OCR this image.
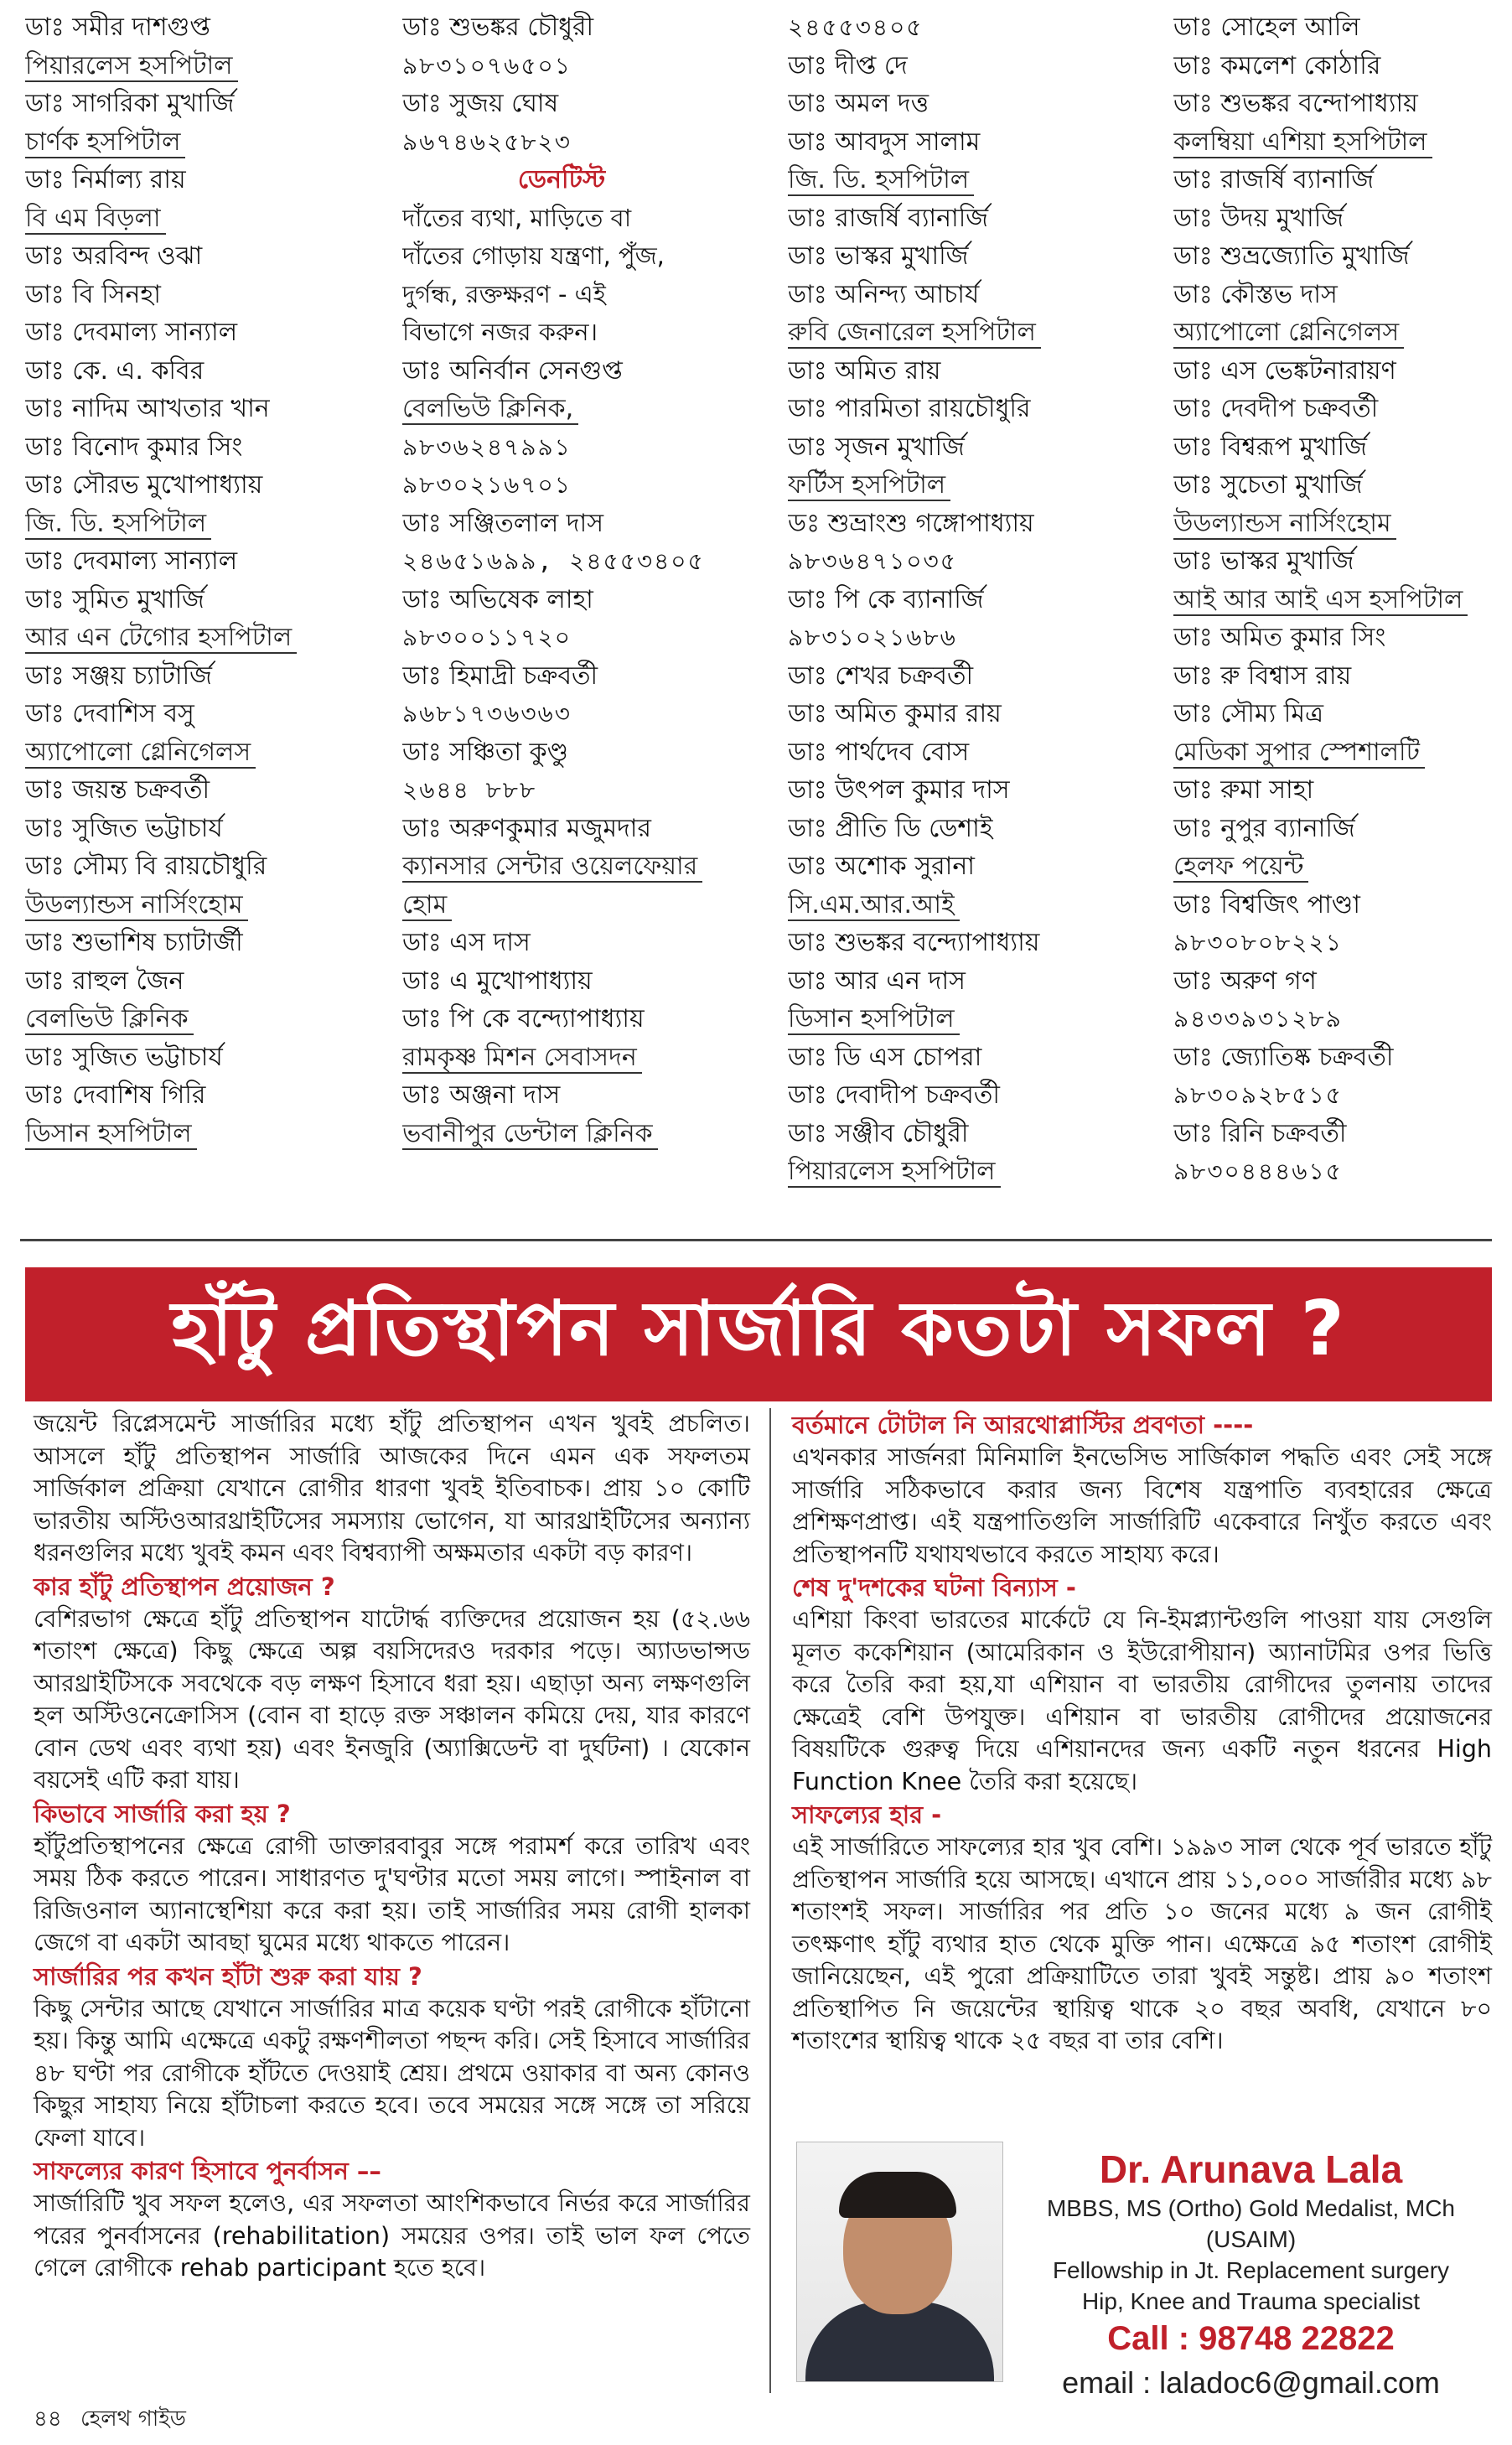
ডাঃ সমীর দাশগুপ্ত
পিয়ারলেস হসপিটাল
ডাঃ সাগরিকা মুখার্জি
চার্ণক হসপিটাল
ডাঃ নির্মাল্য রায়
বি এম বিড়লা
ডাঃ অরবিন্দ ওঝা
ডাঃ বি সিনহা
ডাঃ দেবমাল্য সান্যাল
ডাঃ কে. এ. কবির
ডাঃ নাদিম আখতার খান
ডাঃ বিনোদ কুমার সিং
ডাঃ সৌরভ মুখোপাধ্যায়
জি. ডি. হসপিটাল
ডাঃ দেবমাল্য সান্যাল
ডাঃ সুমিত মুখার্জি
আর এন টেগোর হসপিটাল
ডাঃ সঞ্জয় চ্যাটার্জি
ডাঃ দেবাশিস বসু
অ্যাপোলো গ্লেনিগেলস
ডাঃ জয়ন্ত চক্রবর্তী
ডাঃ সুজিত ভট্টাচার্য
ডাঃ সৌম্য বি রায়চৌধুরি
উডল্যান্ডস নার্সিংহোম
ডাঃ শুভাশিষ চ্যাটার্জী
ডাঃ রাহুল জৈন
বেলভিউ ক্লিনিক
ডাঃ সুজিত ভট্টাচার্য
ডাঃ দেবাশিষ গিরি
ডিসান হসপিটাল
ডাঃ শুভঙ্কর চৌধুরী
৯৮৩১০৭৬৫০১
ডাঃ সুজয় ঘোষ
৯৬৭৪৬২৫৮২৩
ডেনটিস্ট
দাঁতের ব্যথা, মাড়িতে বা
দাঁতের গোড়ায় যন্ত্রণা, পুঁজ,
দুর্গন্ধ, রক্তক্ষরণ - এই
বিভাগে নজর করুন।
ডাঃ অনির্বান সেনগুপ্ত
বেলভিউ ক্লিনিক,
৯৮৩৬২৪৭৯৯১
৯৮৩০২১৬৭০১
ডাঃ সঞ্জিতলাল দাস
২৪৬৫১৬৯৯, ২৪৫৫৩৪০৫
ডাঃ অভিষেক লাহা
৯৮৩০০১১৭২০
ডাঃ হিমাদ্রী চক্রবর্তী
৯৬৮১৭৩৬৩৬৩
ডাঃ সঞ্চিতা কুণ্ডু
২৬৪৪ ৮৮৮
ডাঃ অরুণকুমার মজুমদার
ক্যানসার সেন্টার ওয়েলফেয়ার
হোম
ডাঃ এস দাস
ডাঃ এ মুখোপাধ্যায়
ডাঃ পি কে বন্দ্যোপাধ্যায়
রামকৃষ্ণ মিশন সেবাসদন
ডাঃ অঞ্জনা দাস
ভবানীপুর ডেন্টাল ক্লিনিক
২৪৫৫৩৪০৫
ডাঃ দীপ্ত দে
ডাঃ অমল দত্ত
ডাঃ আবদুস সালাম
জি. ডি. হসপিটাল
ডাঃ রাজর্ষি ব্যানার্জি
ডাঃ ভাস্কর মুখার্জি
ডাঃ অনিন্দ্য আচার্য
রুবি জেনারেল হসপিটাল
ডাঃ অমিত রায়
ডাঃ পারমিতা রায়চৌধুরি
ডাঃ সৃজন মুখার্জি
ফর্টিস হসপিটাল
ডঃ শুভ্রাংশু গঙ্গোপাধ্যায়
৯৮৩৬৪৭১০৩৫
ডাঃ পি কে ব্যানার্জি
৯৮৩১০২১৬৮৬
ডাঃ শেখর চক্রবর্তী
ডাঃ অমিত কুমার রায়
ডাঃ পার্থদেব বোস
ডাঃ উৎপল কুমার দাস
ডাঃ প্রীতি ডি ডেশাই
ডাঃ অশোক সুরানা
সি.এম.আর.আই
ডাঃ শুভঙ্কর বন্দ্যোপাধ্যায়
ডাঃ আর এন দাস
ডিসান হসপিটাল
ডাঃ ডি এস চোপরা
ডাঃ দেবাদীপ চক্রবর্তী
ডাঃ সঞ্জীব চৌধুরী
পিয়ারলেস হসপিটাল
ডাঃ সোহেল আলি
ডাঃ কমলেশ কোঠারি
ডাঃ শুভঙ্কর বন্দোপাধ্যায়
কলম্বিয়া এশিয়া হসপিটাল
ডাঃ রাজর্ষি ব্যানার্জি
ডাঃ উদয় মুখার্জি
ডাঃ শুভ্রজ্যোতি মুখার্জি
ডাঃ কৌস্তভ দাস
অ্যাপোলো গ্লেনিগেলস
ডাঃ এস ভেঙ্কটনারায়ণ
ডাঃ দেবদীপ চক্রবর্তী
ডাঃ বিশ্বরূপ মুখার্জি
ডাঃ সুচেতা মুখার্জি
উডল্যান্ডস নার্সিংহোম
ডাঃ ভাস্কর মুখার্জি
আই আর আই এস হসপিটাল
ডাঃ অমিত কুমার সিং
ডাঃ রু বিশ্বাস রায়
ডাঃ সৌম্য মিত্র
মেডিকা সুপার স্পেশালটি
ডাঃ রুমা সাহা
ডাঃ নুপুর ব্যানার্জি
হেলফ পয়েন্ট
ডাঃ বিশ্বজিৎ পাণ্ডা
৯৮৩০৮০৮২২১
ডাঃ অরুণ গণ
৯৪৩৩৯৩১২৮৯
ডাঃ জ্যোতিষ্ক চক্রবর্তী
৯৮৩০৯২৮৫১৫
ডাঃ রিনি চক্রবর্তী
৯৮৩০৪৪৪৬১৫
হাঁটু প্রতিস্থাপন সার্জারি কতটা সফল ?

জয়েন্ট রিপ্লেসমেন্ট সার্জারির মধ্যে হাঁটু প্রতিস্থাপন এখন খুবই প্রচলিত। আসলে হাঁটু প্রতিস্থাপন সার্জারি আজকের দিনে এমন এক সফলতম সার্জিকাল প্রক্রিয়া যেখানে রোগীর ধারণা খুবই ইতিবাচক। প্রায় ১০ কোটি ভারতীয় অস্টিওআরথ্রাইটিসের সমস্যায় ভোগেন, যা আরথ্রাইটিসের অন্যান্য ধরনগুলির মধ্যে খুবই কমন এবং বিশ্বব্যাপী অক্ষমতার একটা বড় কারণ।

কার হাঁটু প্রতিস্থাপন প্রয়োজন ?

বেশিরভাগ ক্ষেত্রে হাঁটু প্রতিস্থাপন যাটোর্দ্ধ ব্যক্তিদের প্রয়োজন হয় (৫২.৬৬ শতাংশ ক্ষেত্রে) কিছু ক্ষেত্রে অল্প বয়সিদেরও দরকার পড়ে। অ্যাডভান্সড আরথ্রাইটিসকে সবথেকে বড় লক্ষণ হিসাবে ধরা হয়। এছাড়া অন্য লক্ষণগুলি হল অস্টিওনেক্রোসিস (বোন বা হাড়ে রক্ত সঞ্চালন কমিয়ে দেয়, যার কারণে বোন ডেথ এবং ব্যথা হয়) এবং ইনজুরি (অ্যাক্সিডেন্ট বা দুর্ঘটনা) । যেকোন বয়সেই এটি করা যায়।

কিভাবে সার্জারি করা হয় ?

হাঁটুপ্রতিস্থাপনের ক্ষেত্রে রোগী ডাক্তারবাবুর সঙ্গে পরামর্শ করে তারিখ এবং সময় ঠিক করতে পারেন। সাধারণত দু'ঘণ্টার মতো সময় লাগে। স্পাইনাল বা রিজিওনাল অ্যানাস্থেশিয়া করে করা হয়। তাই সার্জারির সময় রোগী হালকা জেগে বা একটা আবছা ঘুমের মধ্যে থাকতে পারেন।

সার্জারির পর কখন হাঁটা শুরু করা যায় ?

কিছু সেন্টার আছে যেখানে সার্জারির মাত্র কয়েক ঘণ্টা পরই রোগীকে হাঁটানো হয়। কিন্তু আমি এক্ষেত্রে একটু রক্ষণশীলতা পছন্দ করি। সেই হিসাবে সার্জারির ৪৮ ঘণ্টা পর রোগীকে হাঁটতে দেওয়াই শ্রেয়। প্রথমে ওয়াকার বা অন্য কোনও কিছুর সাহায্য নিয়ে হাঁটাচলা করতে হবে। তবে সময়ের সঙ্গে সঙ্গে তা সরিয়ে ফেলা যাবে।

সাফল্যের কারণ হিসাবে পুনর্বাসন ––

সার্জারিটি খুব সফল হলেও, এর সফলতা আংশিকভাবে নির্ভর করে সার্জারির পরের পুনর্বাসনের (rehabilitation) সময়ের ওপর। তাই ভাল ফল পেতে গেলে রোগীকে rehab participant হতে হবে।

বর্তমানে টোটাল নি আরথোপ্লাস্টির প্রবণতা ----

এখনকার সার্জনরা মিনিমালি ইনভেসিভ সার্জিকাল পদ্ধতি এবং সেই সঙ্গে সার্জারি সঠিকভাবে করার জন্য বিশেষ যন্ত্রপাতি ব্যবহারের ক্ষেত্রে প্রশিক্ষণপ্রাপ্ত। এই যন্ত্রপাতিগুলি সার্জারিটি একেবারে নিখুঁত করতে এবং প্রতিস্থাপনটি যথাযথভাবে করতে সাহায্য করে।

শেষ দু'দশকের ঘটনা বিন্যাস -

এশিয়া কিংবা ভারতের মার্কেটে যে নি-ইমপ্ল্যান্টগুলি পাওয়া যায় সেগুলি মূলত ককেশিয়ান (আমেরিকান ও ইউরোপীয়ান) অ্যানাটমির ওপর ভিত্তি করে তৈরি করা হয়,যা এশিয়ান বা ভারতীয় রোগীদের তুলনায় তাদের ক্ষেত্রেই বেশি উপযুক্ত। এশিয়ান বা ভারতীয় রোগীদের প্রয়োজনের বিষয়টিকে গুরুত্ব দিয়ে এশিয়ানদের জন্য একটি নতুন ধরনের High Function Knee তৈরি করা হয়েছে।

সাফল্যের হার -

এই সার্জারিতে সাফল্যের হার খুব বেশি। ১৯৯৩ সাল থেকে পূর্ব ভারতে হাঁটু প্রতিস্থাপন সার্জারি হয়ে আসছে। এখানে প্রায় ১১,০০০ সার্জারীর মধ্যে ৯৮ শতাংশই সফল। সার্জারির পর প্রতি ১০ জনের মধ্যে ৯ জন রোগীই তৎক্ষণাৎ হাঁটু ব্যথার হাত থেকে মুক্তি পান। এক্ষেত্রে ৯৫ শতাংশ রোগীই জানিয়েছেন, এই পুরো প্রক্রিয়াটিতে তারা খুবই সন্তুষ্ট। প্রায় ৯০ শতাংশ প্রতিস্থাপিত নি জয়েন্টের স্থায়িত্ব থাকে ২০ বছর অবধি, যেখানে ৮০ শতাংশের স্থায়িত্ব থাকে ২৫ বছর বা তার বেশি।

Dr. Arunava Lala
MBBS, MS (Ortho) Gold Medalist, MCh (USAIM)
Fellowship in Jt. Replacement surgery
Hip, Knee and Trauma specialist
Call : 98748 22822
email : laladoc6@gmail.com
৪৪ হেলথ গাইড
